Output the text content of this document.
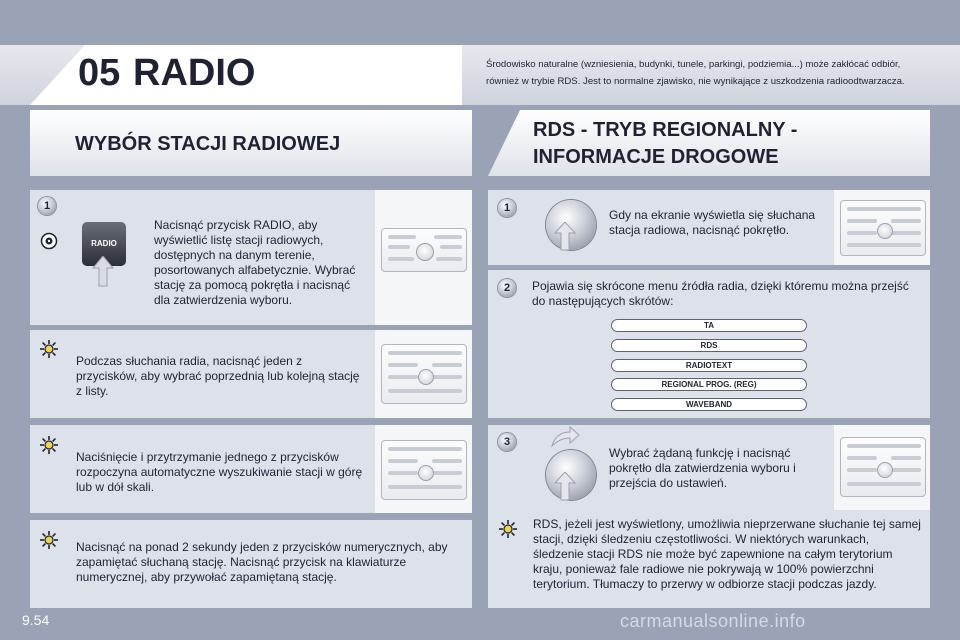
05 RADIO	Środowisko naturalne (wzniesienia, budynki, tunele, parkingi, podziemia...) może zakłócać odbiór, również w trybie RDS. Jest to normalne zjawisko, nie wynikające z uszkodzenia radioodtwarzacza.
WYBÓR STACJI RADIOWEJ
RDS - TRYB REGIONALNY - INFORMACJE DROGOWE
1
RADIO
Nacisnąć przycisk RADIO, aby wyświetlić listę stacji radiowych, dostępnych na danym terenie, posortowanych alfabetycznie. Wybrać stację za pomocą pokrętła i nacisnąć dla zatwierdzenia wyboru.
Podczas słuchania radia, nacisnąć jeden z przycisków, aby wybrać poprzednią lub kolejną stację z listy.
Naciśnięcie i przytrzymanie jednego z przycisków rozpoczyna automatyczne wyszukiwanie stacji w górę lub w dół skali.
Nacisnąć na ponad 2 sekundy jeden z przycisków numerycznych, aby zapamiętać słuchaną stację. Nacisnąć przycisk na klawiaturze numerycznej, aby przywołać zapamiętaną stację.
1	Gdy na ekranie wyświetla się słuchana stacja radiowa, nacisnąć pokrętło.
2	Pojawia się skrócone menu źródła radia, dzięki któremu można przejść do następujących skrótów:
TA
RDS
RADIOTEXT
REGIONAL PROG. (REG)
WAVEBAND
3
Wybrać żądaną funkcję i nacisnąć pokrętło dla zatwierdzenia wyboru i przejścia do ustawień.
RDS, jeżeli jest wyświetlony, umożliwia nieprzerwane słuchanie tej samej stacji, dzięki śledzeniu częstotliwości. W niektórych warunkach, śledzenie stacji RDS nie może być zapewnione na całym terytorium kraju, ponieważ fale radiowe nie pokrywają w 100% powierzchni terytorium. Tłumaczy to przerwy w odbiorze stacji podczas jazdy.
9.54	carmanualsonline.info
